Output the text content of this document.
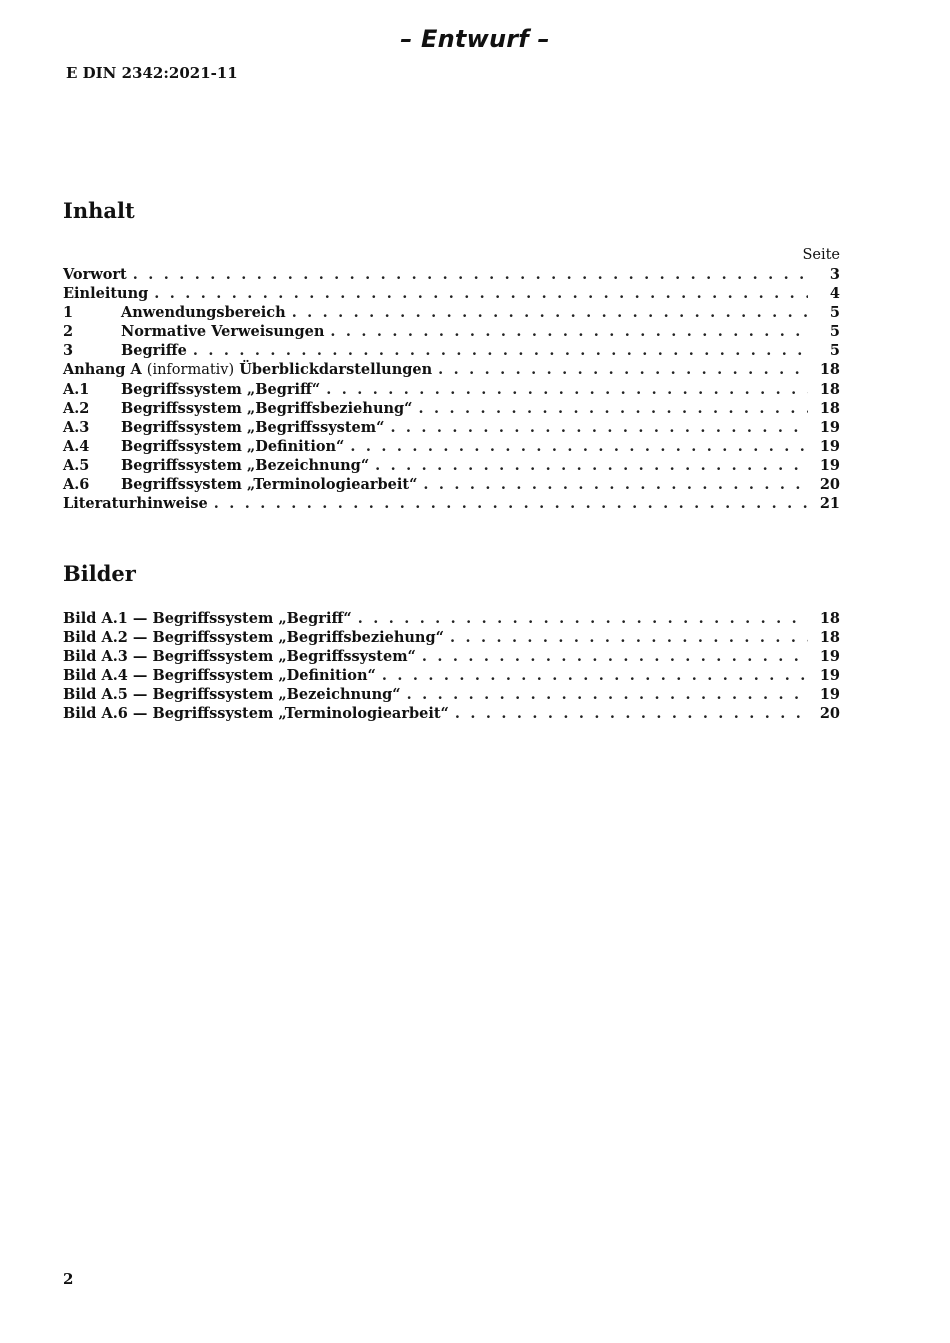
– Entwurf –
E DIN 2342:2021-11
Inhalt
Seite
Vorwort . . .	3
Einleitung . . .	4
1	Anwendungsbereich . . .	5
2	Normative Verweisungen . . .	5
3	Begriffe . . .	5
Anhang A (informativ) Überblickdarstellungen . . .	18
A.1	Begriffssystem „Begriff“ . . .	18
A.2	Begriffssystem „Begriffsbeziehung“ . . .	18
A.3	Begriffssystem „Begriffssystem“ . . .	19
A.4	Begriffssystem „Definition“ . . .	19
A.5	Begriffssystem „Bezeichnung“ . . .	19
A.6	Begriffssystem „Terminologiearbeit“ . . .	20
Literaturhinweise . . .	21
Bilder
Bild A.1 — Begriffssystem „Begriff“ . . .	18
Bild A.2 — Begriffssystem „Begriffsbeziehung“ . . .	18
Bild A.3 — Begriffssystem „Begriffssystem“ . . .	19
Bild A.4 — Begriffssystem „Definition“ . . .	19
Bild A.5 — Begriffssystem „Bezeichnung“ . . .	19
Bild A.6 — Begriffssystem „Terminologiearbeit“ . . .	20
2
